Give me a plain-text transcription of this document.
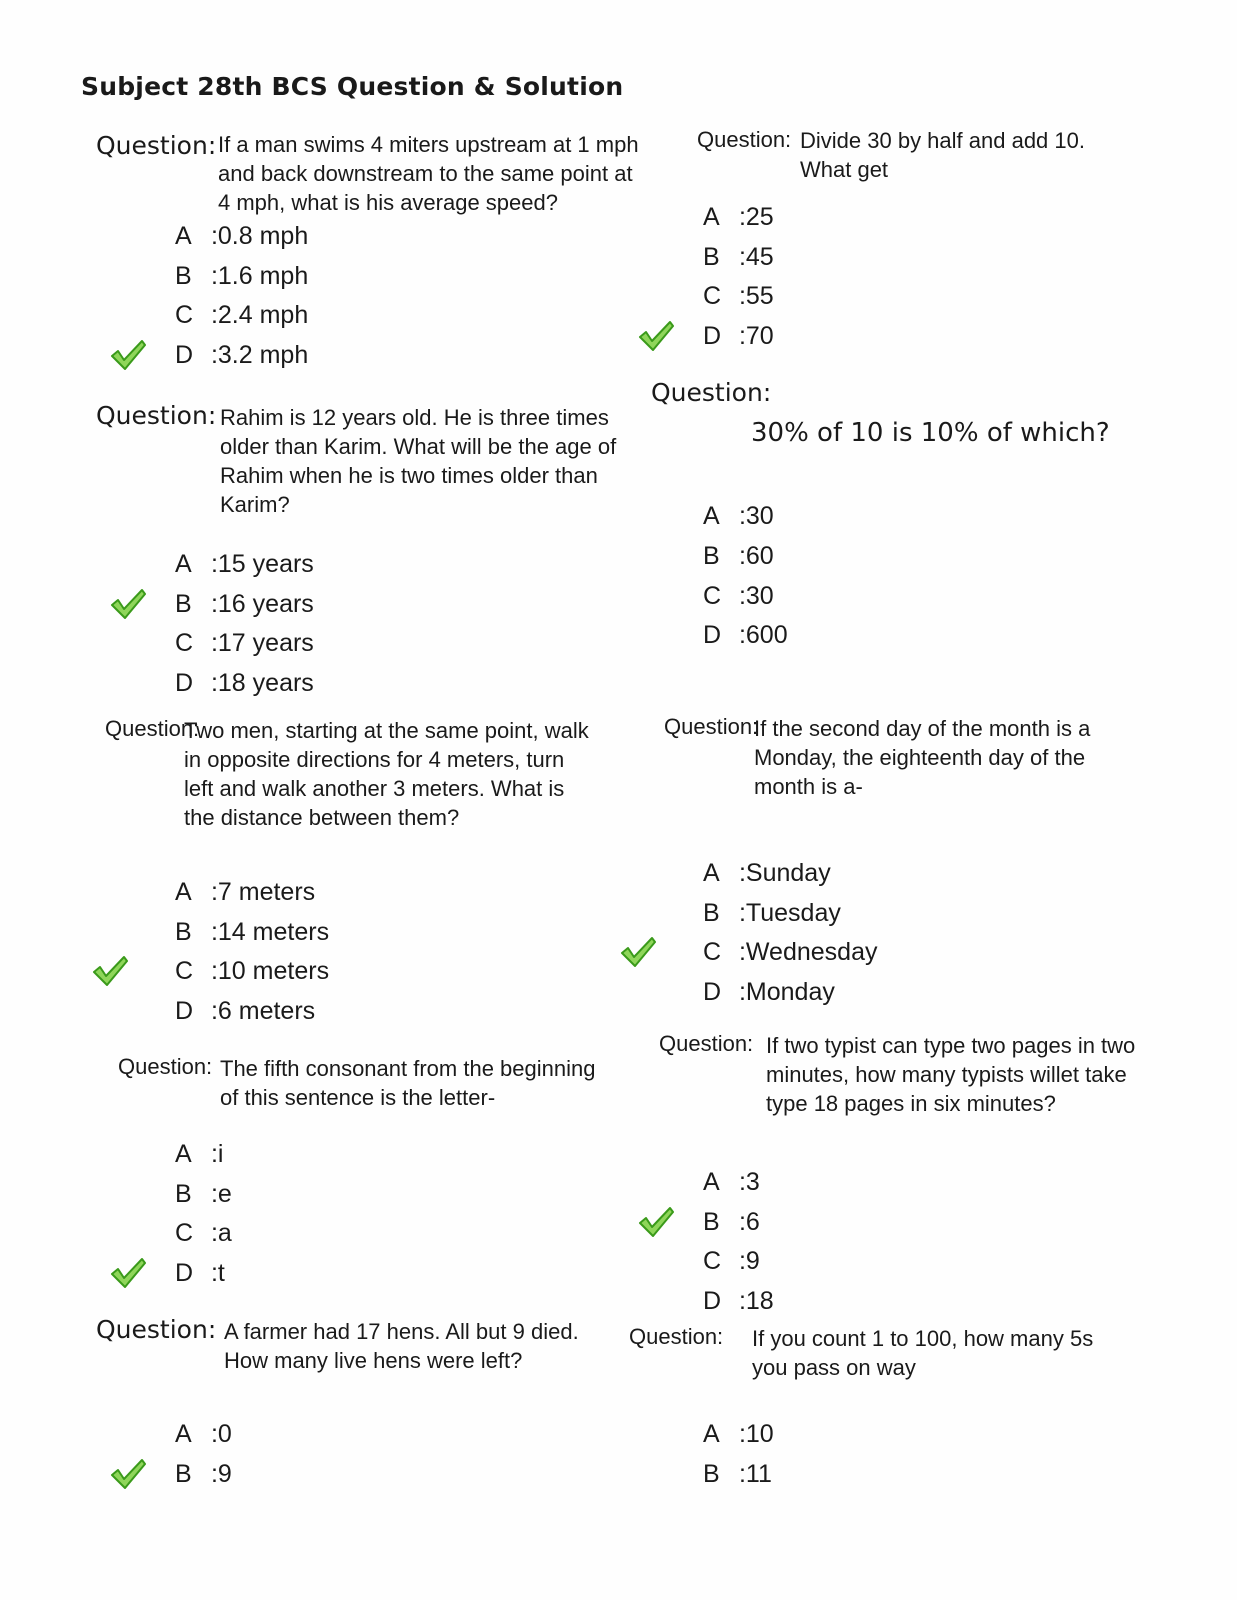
Subject 28th BCS Question & Solution
Question: If a man swims 4 miters upstream at 1 mph
and back downstream to the same point at
4 mph, what is his average speed?
A :0.8 mph
B :1.6 mph
C :2.4 mph
D :3.2 mph
Question: Divide 30 by half and add 10.
What get
A :25
B :45
C :55
D :70
Question: Rahim is 12 years old. He is three times
older than Karim. What will be the age of
Rahim when he is two times older than
Karim?
A :15 years
B :16 years
C :17 years
D :18 years
Question:
30% of 10 is 10% of which?
A :30
B :60
C :30
D :600
Question:
Two men, starting at the same point, walk
in opposite directions for 4 meters, turn
left and walk another 3 meters. What is
the distance between them?
A :7 meters
B :14 meters
C :10 meters
D :6 meters
Question:
If the second day of the month is a
Monday, the eighteenth day of the
month is a-
A :Sunday
B :Tuesday
C :Wednesday
D :Monday
Question: The fifth consonant from the beginning
of this sentence is the letter-
A :i
B :e
C :a
D :t
Question: If two typist can type two pages in two
minutes, how many typists willet take
type 18 pages in six minutes?
A :3
B :6
C :9
D :18
Question: A farmer had 17 hens. All but 9 died.
How many live hens were left?
A :0
B :9
Question: If you count 1 to 100, how many 5s
you pass on way
A :10
B :11
